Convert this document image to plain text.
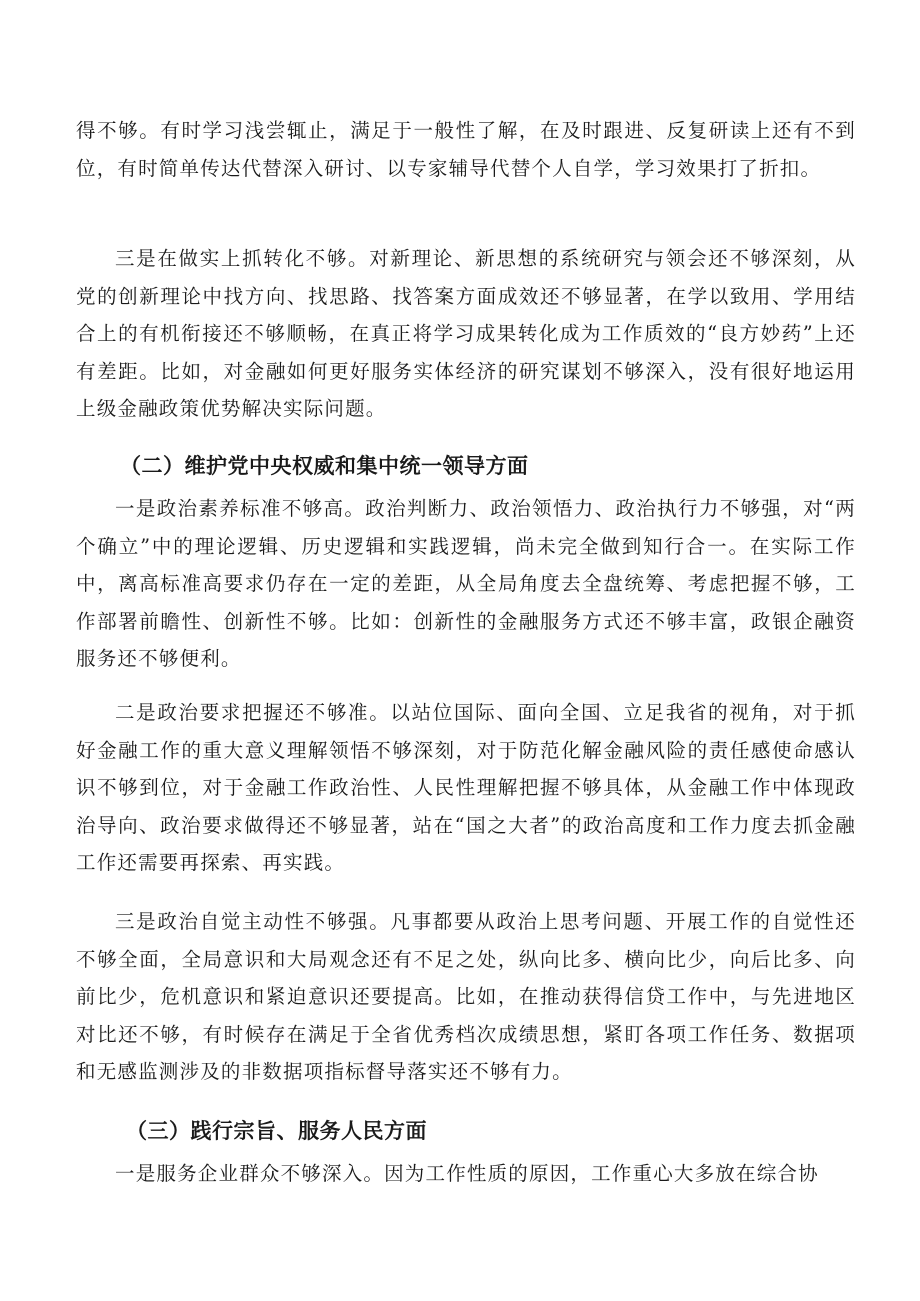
得不够。有时学习浅尝辄止，满足于一般性了解，在及时跟进、反复研读上还有不到位，有时简单传达代替深入研讨、以专家辅导代替个人自学，学习效果打了折扣。

三是在做实上抓转化不够。对新理论、新思想的系统研究与领会还不够深刻，从党的创新理论中找方向、找思路、找答案方面成效还不够显著，在学以致用、学用结合上的有机衔接还不够顺畅，在真正将学习成果转化成为工作质效的“良方妙药”上还有差距。比如，对金融如何更好服务实体经济的研究谋划不够深入，没有很好地运用上级金融政策优势解决实际问题。

（二）维护党中央权威和集中统一领导方面

一是政治素养标准不够高。政治判断力、政治领悟力、政治执行力不够强，对“两个确立”中的理论逻辑、历史逻辑和实践逻辑，尚未完全做到知行合一。在实际工作中，离高标准高要求仍存在一定的差距，从全局角度去全盘统筹、考虑把握不够，工作部署前瞻性、创新性不够。比如：创新性的金融服务方式还不够丰富，政银企融资服务还不够便利。

二是政治要求把握还不够准。以站位国际、面向全国、立足我省的视角，对于抓好金融工作的重大意义理解领悟不够深刻，对于防范化解金融风险的责任感使命感认识不够到位，对于金融工作政治性、人民性理解把握不够具体，从金融工作中体现政治导向、政治要求做得还不够显著，站在“国之大者”的政治高度和工作力度去抓金融工作还需要再探索、再实践。

三是政治自觉主动性不够强。凡事都要从政治上思考问题、开展工作的自觉性还不够全面，全局意识和大局观念还有不足之处，纵向比多、横向比少，向后比多、向前比少，危机意识和紧迫意识还要提高。比如，在推动获得信贷工作中，与先进地区对比还不够，有时候存在满足于全省优秀档次成绩思想，紧盯各项工作任务、数据项和无感监测涉及的非数据项指标督导落实还不够有力。

（三）践行宗旨、服务人民方面

一是服务企业群众不够深入。因为工作性质的原因，工作重心大多放在综合协
